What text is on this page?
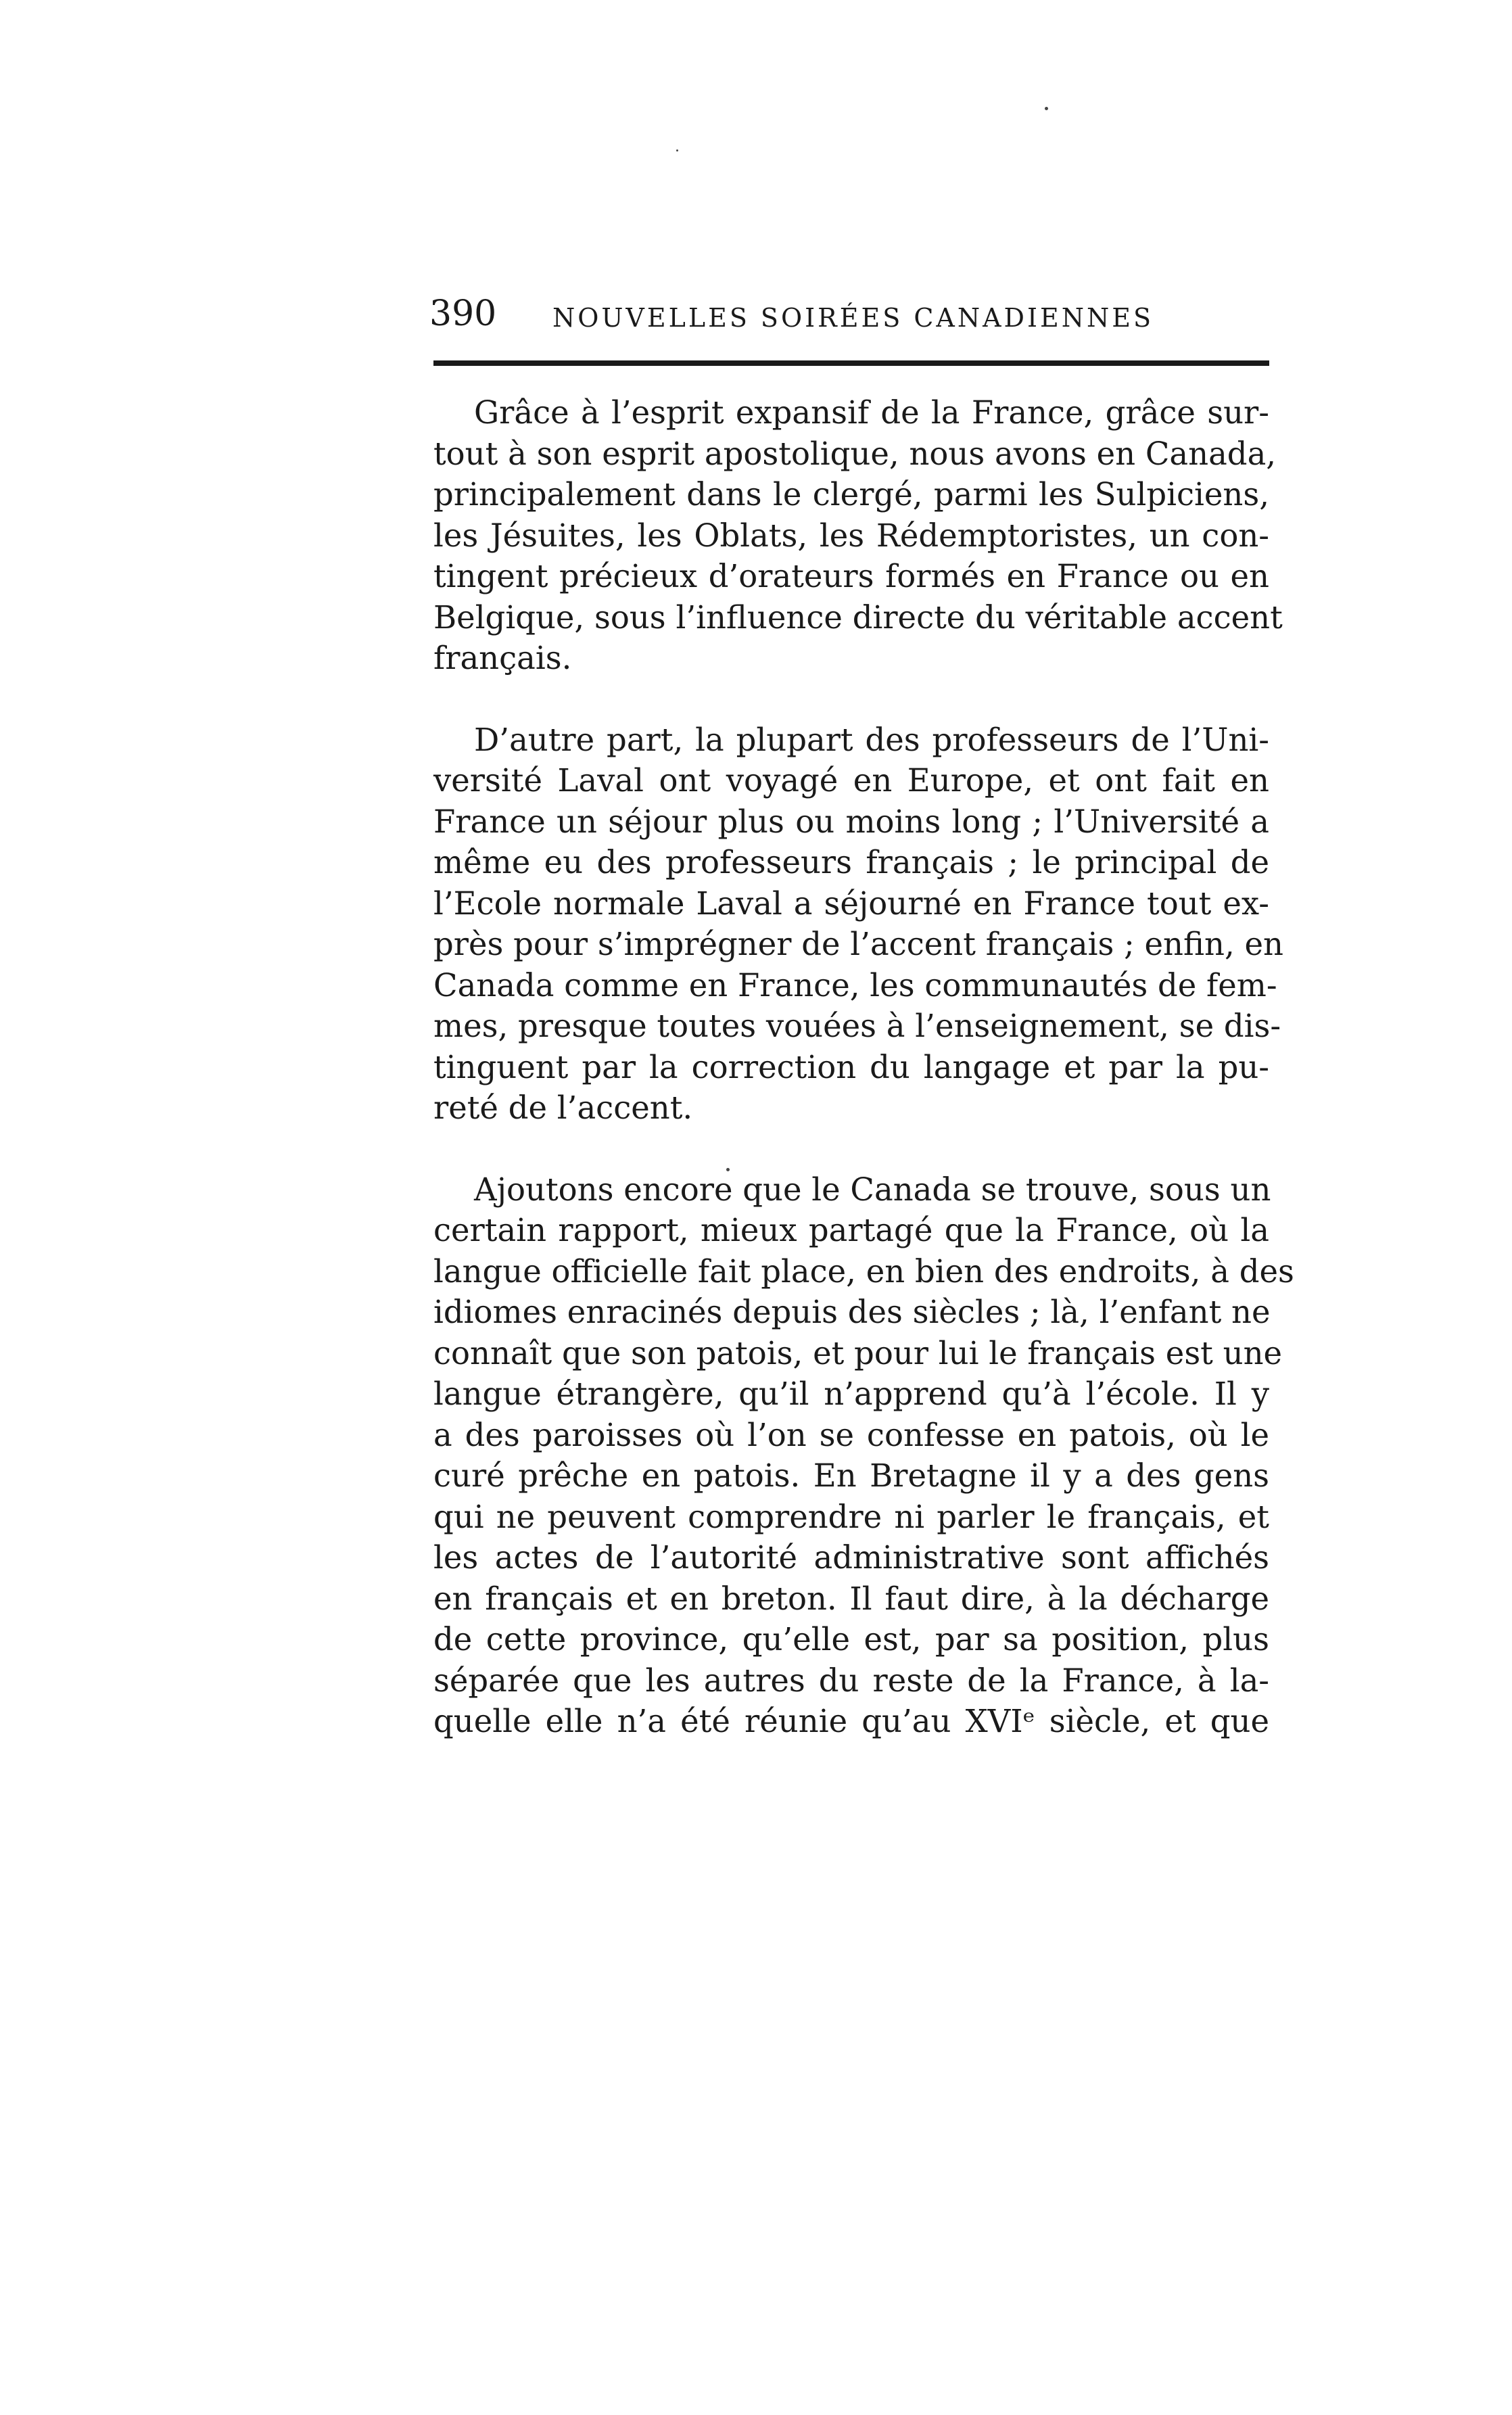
390 NOUVELLES SOIRÉES CANADIENNES

Grâce à l’esprit expansif de la France, grâce sur-
tout à son esprit apostolique, nous avons en Canada,
principalement dans le clergé, parmi les Sulpiciens,
les Jésuites, les Oblats, les Rédemptoristes, un con-
tingent précieux d’orateurs formés en France ou en
Belgique, sous l’influence directe du véritable accent
français.

D’autre part, la plupart des professeurs de l’Uni-
versité Laval ont voyagé en Europe, et ont fait en
France un séjour plus ou moins long ; l’Université a
même eu des professeurs français ; le principal de
l’Ecole normale Laval a séjourné en France tout ex-
près pour s’imprégner de l’accent français ; enfin, en
Canada comme en France, les communautés de fem-
mes, presque toutes vouées à l’enseignement, se dis-
tinguent par la correction du langage et par la pu-
reté de l’accent.

Ajoutons encore que le Canada se trouve, sous un
certain rapport, mieux partagé que la France, où la
langue officielle fait place, en bien des endroits, à des
idiomes enracinés depuis des siècles ; là, l’enfant ne
connaît que son patois, et pour lui le français est une
langue étrangère, qu’il n’apprend qu’à l’école. Il y
a des paroisses où l’on se confesse en patois, où le
curé prêche en patois. En Bretagne il y a des gens
qui ne peuvent comprendre ni parler le français, et
les actes de l’autorité administrative sont affichés
en français et en breton. Il faut dire, à la décharge
de cette province, qu’elle est, par sa position, plus
séparée que les autres du reste de la France, à la-
quelle elle n’a été réunie qu’au XVIᵉ siècle, et que
